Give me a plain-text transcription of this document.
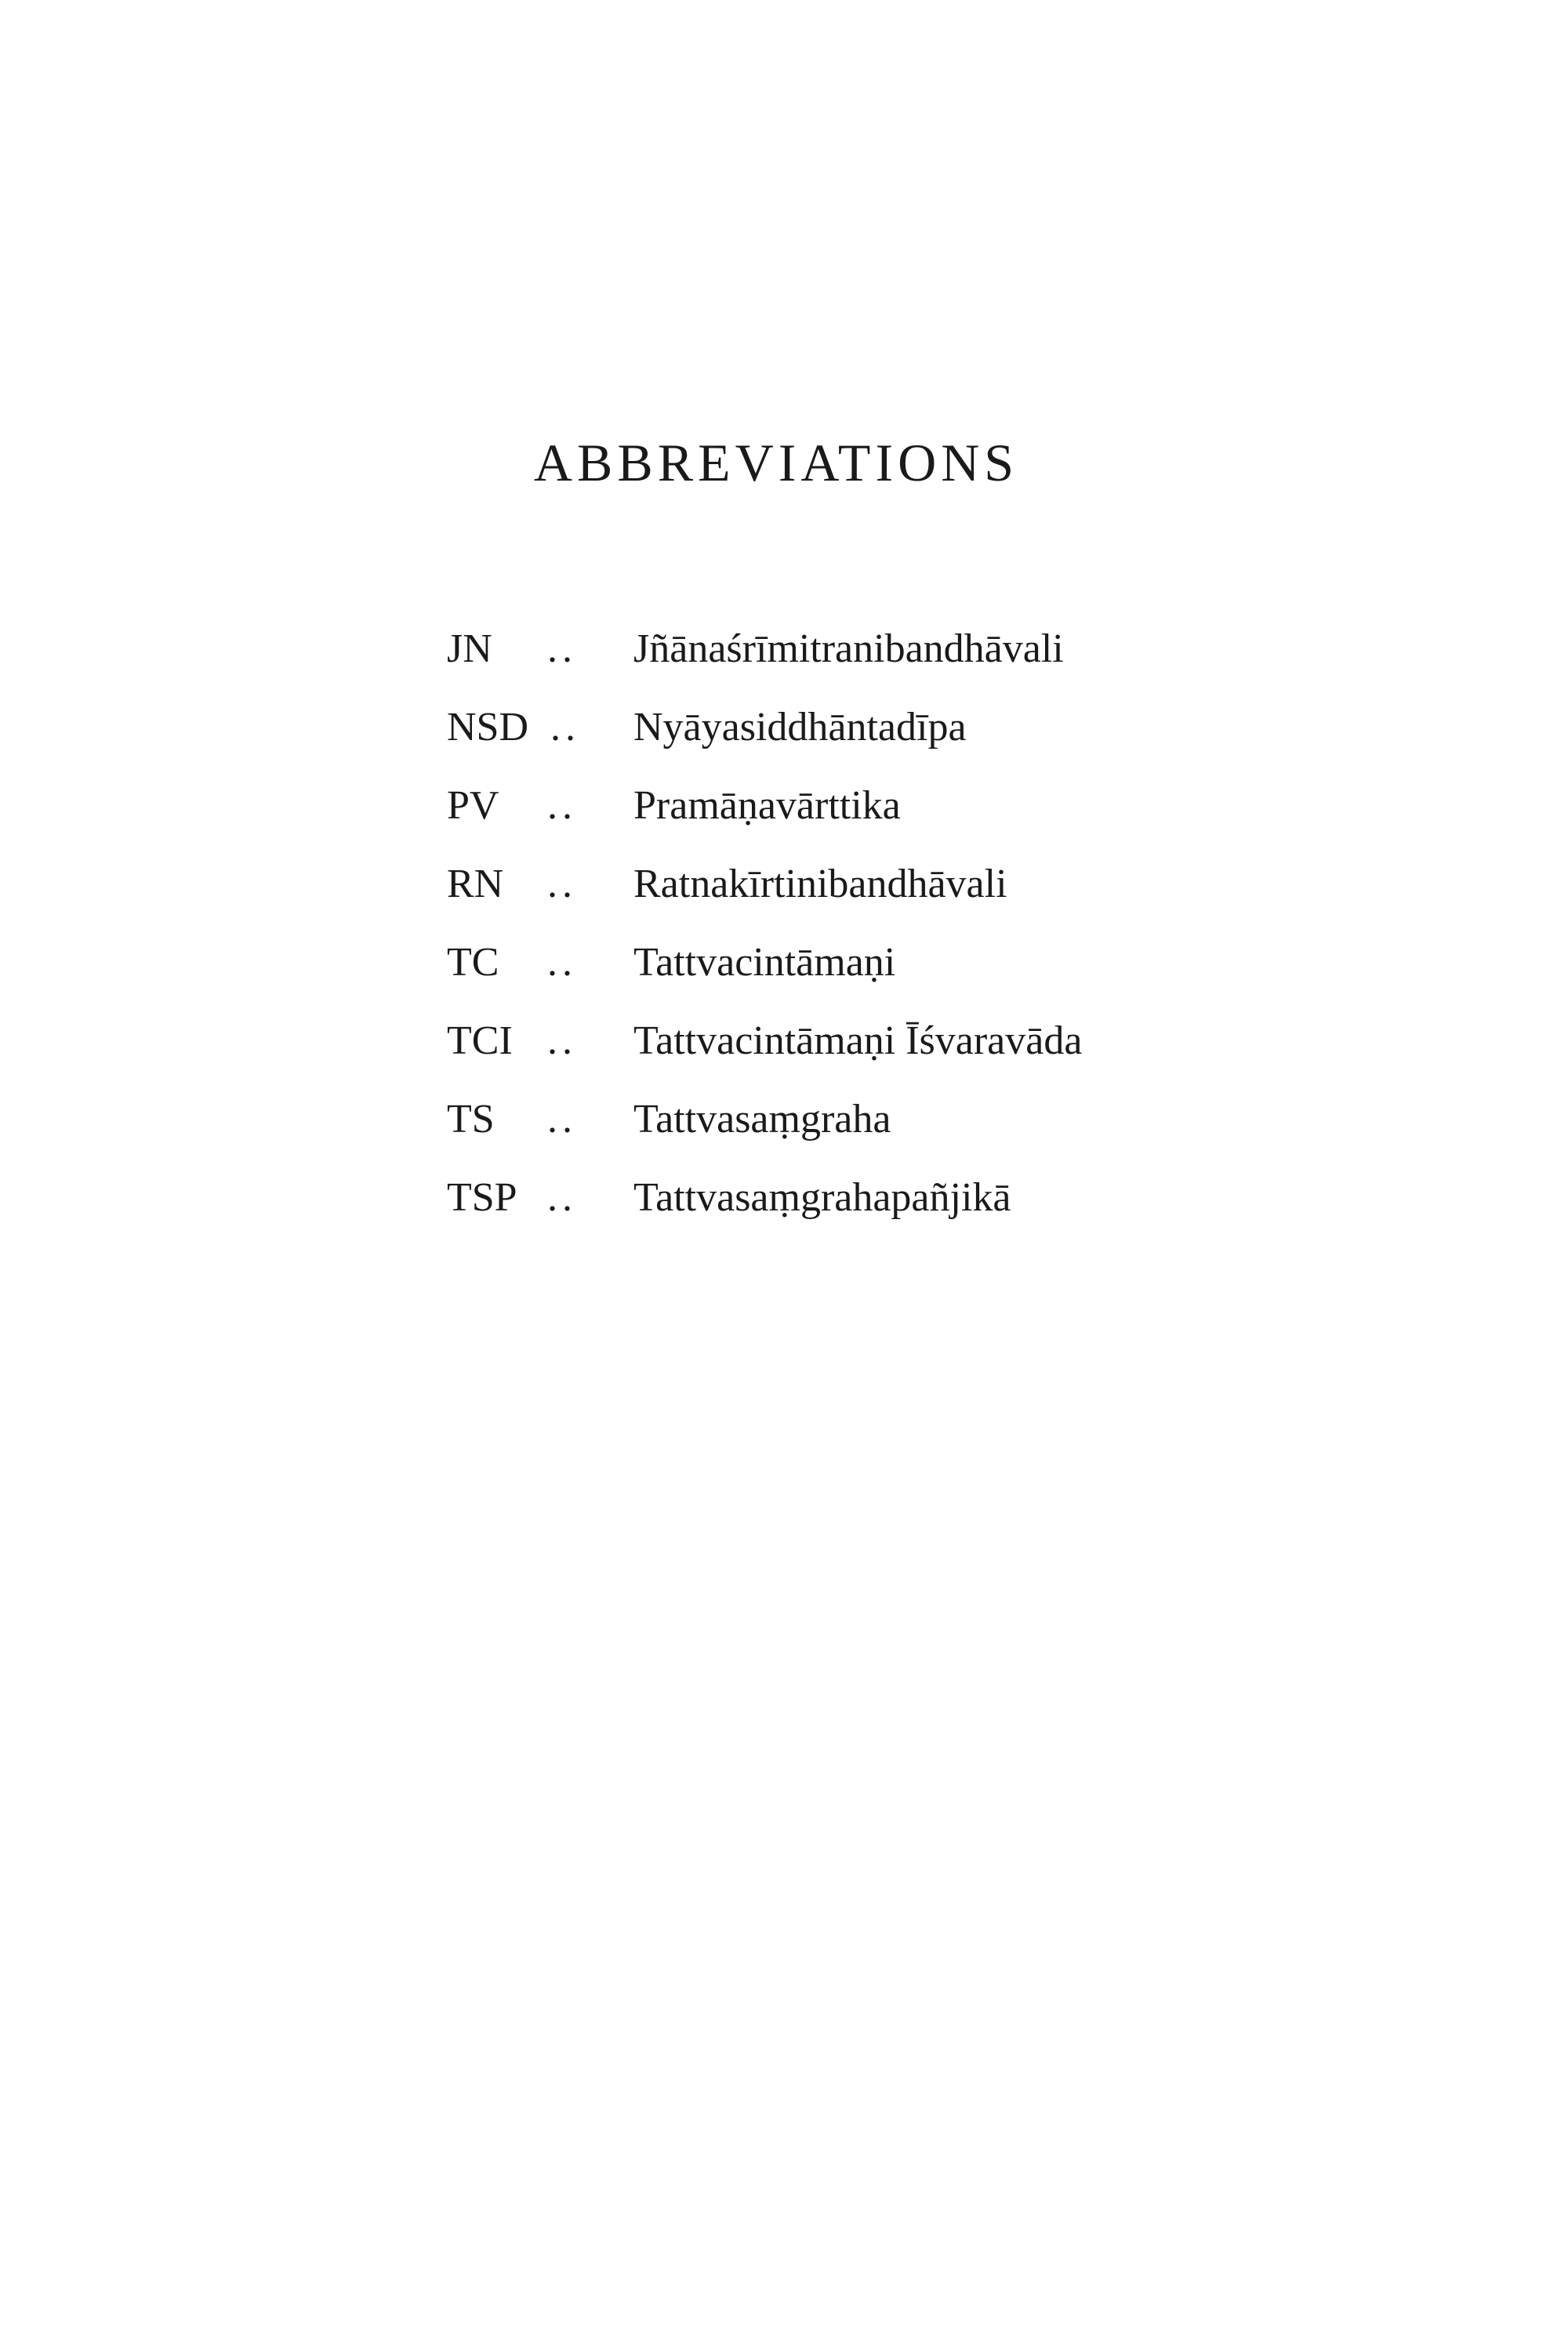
ABBREVIATIONS
JN ..	Jñānaśrīmitranibandhāvali
NSD ..	Nyāyasiddhāntadīpa
PV ..	Pramāṇavārttika
RN ..	Ratnakīrtinibandhāvali
TC ..	Tattvacintāmaṇi
TCI ..	Tattvacintāmaṇi Īśvaravāda
TS ..	Tattvasaṃgraha
TSP ..	Tattvasaṃgrahapañjikā
